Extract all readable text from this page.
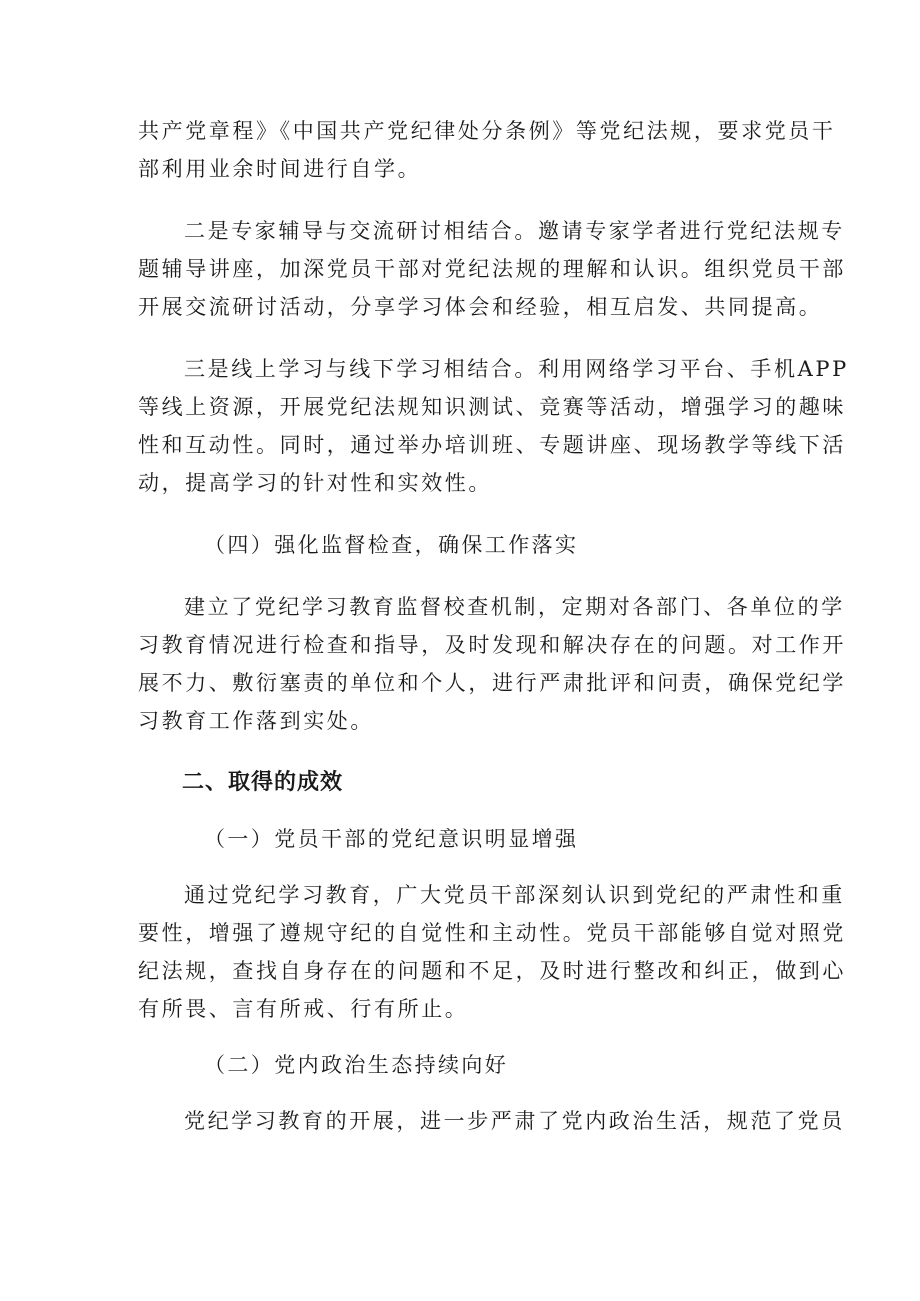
共产党章程》《中国共产党纪律处分条例》等党纪法规，要求党员干
部利用业余时间进行自学。

二是专家辅导与交流研讨相结合。邀请专家学者进行党纪法规专
题辅导讲座，加深党员干部对党纪法规的理解和认识。组织党员干部
开展交流研讨活动，分享学习体会和经验，相互启发、共同提高。

三是线上学习与线下学习相结合。利用网络学习平台、手机APP
等线上资源，开展党纪法规知识测试、竞赛等活动，增强学习的趣味
性和互动性。同时，通过举办培训班、专题讲座、现场教学等线下活
动，提高学习的针对性和实效性。

（四）强化监督检查，确保工作落实

建立了党纪学习教育监督校查机制，定期对各部门、各单位的学
习教育情况进行检查和指导，及时发现和解决存在的问题。对工作开
展不力、敷衍塞责的单位和个人，进行严肃批评和问责，确保党纪学
习教育工作落到实处。

二、取得的成效

（一）党员干部的党纪意识明显增强

通过党纪学习教育，广大党员干部深刻认识到党纪的严肃性和重
要性，增强了遵规守纪的自觉性和主动性。党员干部能够自觉对照党
纪法规，查找自身存在的问题和不足，及时进行整改和纠正，做到心
有所畏、言有所戒、行有所止。

（二）党内政治生态持续向好

党纪学习教育的开展，进一步严肃了党内政治生活，规范了党员
